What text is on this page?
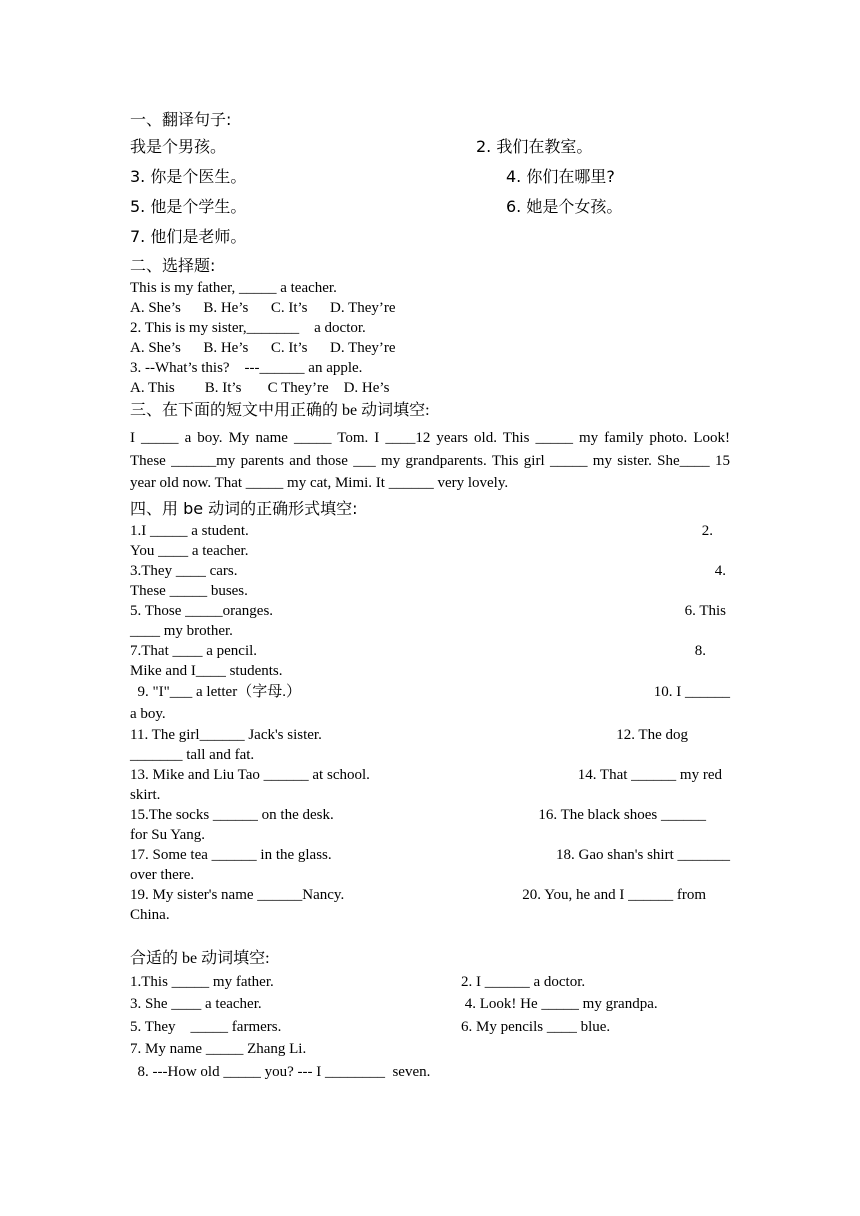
一、翻译句子:
我是个男孩。	2. 我们在教室。
3. 你是个医生。	4. 你们在哪里?
5. 他是个学生。	6. 她是个女孩。
7. 他们是老师。
二、选择题:
This is my father, _____ a teacher.
A. She’s      B. He’s      C. It’s      D. They’re
2. This is my sister,_______    a doctor.
A. She’s      B. He’s      C. It’s      D. They’re
3. --What’s this?    ---______ an apple.
A. This        B. It’s       C They’re    D. He’s
三、在下面的短文中用正确的 be 动词填空:

I _____ a boy. My name _____ Tom. I ____12 years old. This _____ my family photo. Look! These ______my parents and those ___ my grandparents. This girl _____ my sister. She____ 15 year old now. That _____ my cat, Mimi. It ______ very lovely.

四、用 be 动词的正确形式填空:
1.I _____ a student.	2.
You ____ a teacher.
3.They ____ cars.	4.
These _____ buses.
5. Those _____oranges.	6. This
____ my brother.
7.That ____ a pencil.	8.
Mike and I____ students.
9. "I"___ a letter（字母.）	10. I ______
a boy.
11. The girl______ Jack's sister.	12. The dog
_______ tall and fat.
13. Mike and Liu Tao ______ at school.	14. That ______ my red
skirt.
15.The socks ______ on the desk.	16. The black shoes ______
for Su Yang.
17. Some tea ______ in the glass.	18. Gao shan's shirt _______
over there.
19. My sister's name ______Nancy.	20. You, he and I ______ from
China.
合适的 be 动词填空:
1.This _____ my father.	2. I ______ a doctor.
3. She ____ a teacher.	4. Look! He _____ my grandpa.
5. They    _____ farmers.	6. My pencils ____ blue.
7. My name _____ Zhang Li.
8. ---How old _____ you? --- I ________  seven.
